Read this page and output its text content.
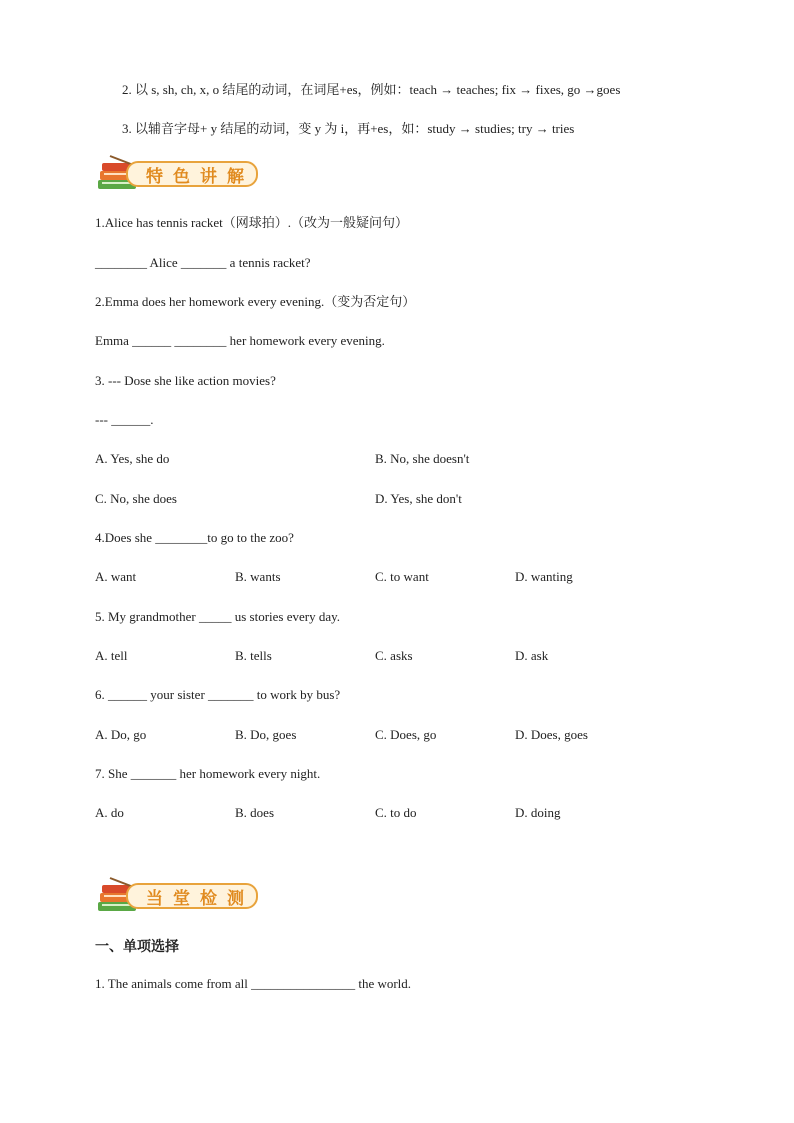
2. 以 s, sh, ch, x, o 结尾的动词，在词尾+es，例如：teach → teaches; fix → fixes, go →goes
3. 以辅音字母+ y 结尾的动词，变 y 为 i，再+es，如：study → studies; try → tries
特色讲解
1.Alice has tennis racket（网球拍）.（改为一般疑问句）
________ Alice _______ a tennis racket?
2.Emma does her homework every evening.（变为否定句）
Emma ______ ________ her homework every evening.
3. --- Dose she like action movies?
--- ______.
A. Yes, she do	B. No, she doesn't
C. No, she does	D. Yes, she don't
4.Does she ________to go to the zoo?
A. want	B. wants	C. to want	D. wanting
5. My grandmother _____ us stories every day.
A. tell	B. tells	C. asks	D. ask
6. ______ your sister _______ to work by bus?
A. Do, go	B. Do, goes	C. Does, go	D. Does, goes
7. She _______ her homework every night.
A. do	B. does	C. to do	D. doing
当堂检测
一、单项选择
1. The animals come from all ________________ the world.
